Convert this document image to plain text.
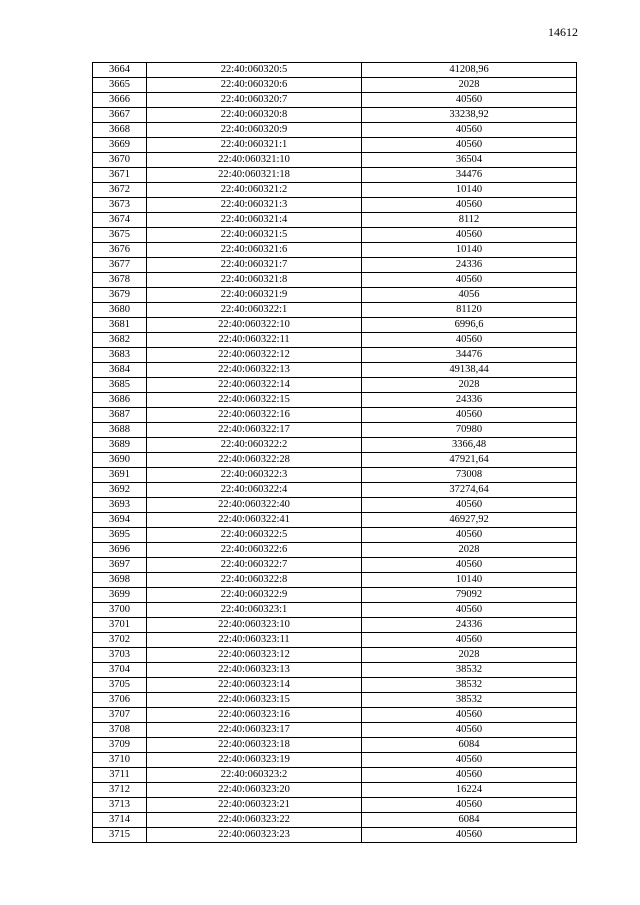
14612
3664	22:40:060320:5	41208,96
3665	22:40:060320:6	2028
3666	22:40:060320:7	40560
3667	22:40:060320:8	33238,92
3668	22:40:060320:9	40560
3669	22:40:060321:1	40560
3670	22:40:060321:10	36504
3671	22:40:060321:18	34476
3672	22:40:060321:2	10140
3673	22:40:060321:3	40560
3674	22:40:060321:4	8112
3675	22:40:060321:5	40560
3676	22:40:060321:6	10140
3677	22:40:060321:7	24336
3678	22:40:060321:8	40560
3679	22:40:060321:9	4056
3680	22:40:060322:1	81120
3681	22:40:060322:10	6996,6
3682	22:40:060322:11	40560
3683	22:40:060322:12	34476
3684	22:40:060322:13	49138,44
3685	22:40:060322:14	2028
3686	22:40:060322:15	24336
3687	22:40:060322:16	40560
3688	22:40:060322:17	70980
3689	22:40:060322:2	3366,48
3690	22:40:060322:28	47921,64
3691	22:40:060322:3	73008
3692	22:40:060322:4	37274,64
3693	22:40:060322:40	40560
3694	22:40:060322:41	46927,92
3695	22:40:060322:5	40560
3696	22:40:060322:6	2028
3697	22:40:060322:7	40560
3698	22:40:060322:8	10140
3699	22:40:060322:9	79092
3700	22:40:060323:1	40560
3701	22:40:060323:10	24336
3702	22:40:060323:11	40560
3703	22:40:060323:12	2028
3704	22:40:060323:13	38532
3705	22:40:060323:14	38532
3706	22:40:060323:15	38532
3707	22:40:060323:16	40560
3708	22:40:060323:17	40560
3709	22:40:060323:18	6084
3710	22:40:060323:19	40560
3711	22:40:060323:2	40560
3712	22:40:060323:20	16224
3713	22:40:060323:21	40560
3714	22:40:060323:22	6084
3715	22:40:060323:23	40560
